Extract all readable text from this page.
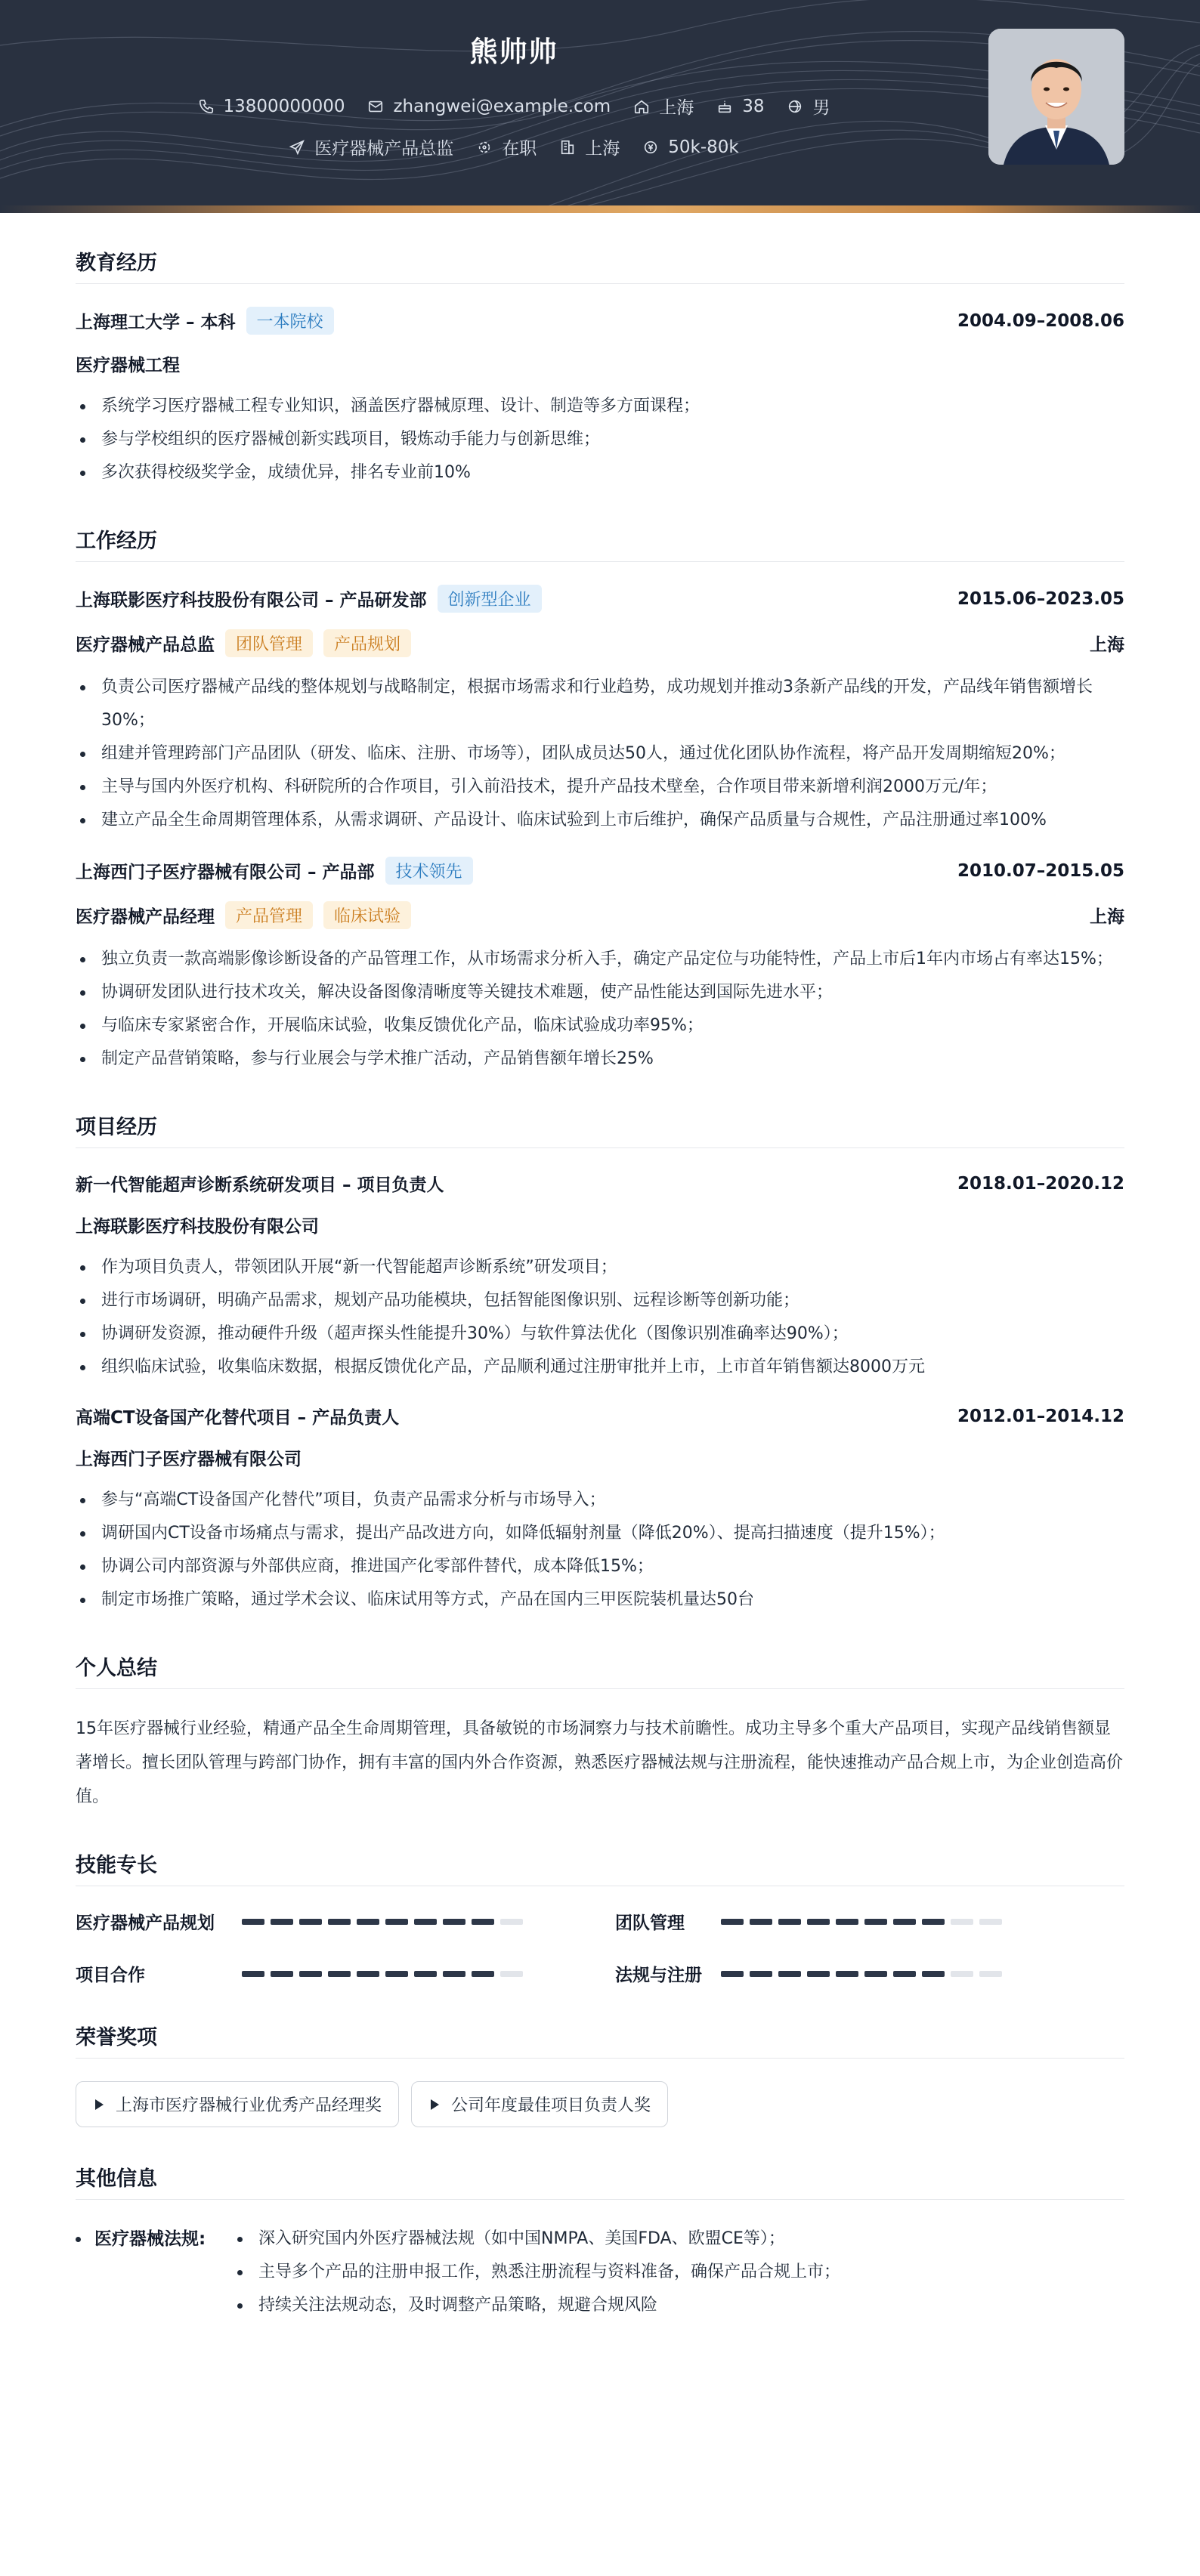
熊帅帅
13800000000	zhangwei@example.com	上海	38	男
医疗器械产品总监	在职	上海	50k-80k
教育经历
上海理工大学 – 本科	一本院校	2004.09–2008.06
医疗器械工程
系统学习医疗器械工程专业知识，涵盖医疗器械原理、设计、制造等多方面课程；
参与学校组织的医疗器械创新实践项目，锻炼动手能力与创新思维；
多次获得校级奖学金，成绩优异，排名专业前10%
工作经历
上海联影医疗科技股份有限公司 – 产品研发部	创新型企业	2015.06–2023.05
医疗器械产品总监	团队管理	产品规划	上海
负责公司医疗器械产品线的整体规划与战略制定，根据市场需求和行业趋势，成功规划并推动3条新产品线的开发，产品线年销售额增长30%；
组建并管理跨部门产品团队（研发、临床、注册、市场等），团队成员达50人，通过优化团队协作流程，将产品开发周期缩短20%；
主导与国内外医疗机构、科研院所的合作项目，引入前沿技术，提升产品技术壁垒，合作项目带来新增利润2000万元/年；
建立产品全生命周期管理体系，从需求调研、产品设计、临床试验到上市后维护，确保产品质量与合规性，产品注册通过率100%
上海西门子医疗器械有限公司 – 产品部	技术领先	2010.07–2015.05
医疗器械产品经理	产品管理	临床试验	上海
独立负责一款高端影像诊断设备的产品管理工作，从市场需求分析入手，确定产品定位与功能特性，产品上市后1年内市场占有率达15%；
协调研发团队进行技术攻关，解决设备图像清晰度等关键技术难题，使产品性能达到国际先进水平；
与临床专家紧密合作，开展临床试验，收集反馈优化产品，临床试验成功率95%；
制定产品营销策略，参与行业展会与学术推广活动，产品销售额年增长25%
项目经历
新一代智能超声诊断系统研发项目 – 项目负责人	2018.01–2020.12
上海联影医疗科技股份有限公司
作为项目负责人，带领团队开展“新一代智能超声诊断系统”研发项目；
进行市场调研，明确产品需求，规划产品功能模块，包括智能图像识别、远程诊断等创新功能；
协调研发资源，推动硬件升级（超声探头性能提升30%）与软件算法优化（图像识别准确率达90%）；
组织临床试验，收集临床数据，根据反馈优化产品，产品顺利通过注册审批并上市，上市首年销售额达8000万元
高端CT设备国产化替代项目 – 产品负责人	2012.01–2014.12
上海西门子医疗器械有限公司
参与“高端CT设备国产化替代”项目，负责产品需求分析与市场导入；
调研国内CT设备市场痛点与需求，提出产品改进方向，如降低辐射剂量（降低20%）、提高扫描速度（提升15%）；
协调公司内部资源与外部供应商，推进国产化零部件替代，成本降低15%；
制定市场推广策略，通过学术会议、临床试用等方式，产品在国内三甲医院装机量达50台
个人总结
15年医疗器械行业经验，精通产品全生命周期管理，具备敏锐的市场洞察力与技术前瞻性。成功主导多个重大产品项目，实现产品线销售额显著增长。擅长团队管理与跨部门协作，拥有丰富的国内外合作资源，熟悉医疗器械法规与注册流程，能快速推动产品合规上市，为企业创造高价值。
技能专长
医疗器械产品规划	团队管理
项目合作	法规与注册
荣誉奖项
上海市医疗器械行业优秀产品经理奖	公司年度最佳项目负责人奖
其他信息
医疗器械法规:	深入研究国内外医疗器械法规（如中国NMPA、美国FDA、欧盟CE等）；
主导多个产品的注册申报工作，熟悉注册流程与资料准备，确保产品合规上市；
持续关注法规动态，及时调整产品策略，规避合规风险
